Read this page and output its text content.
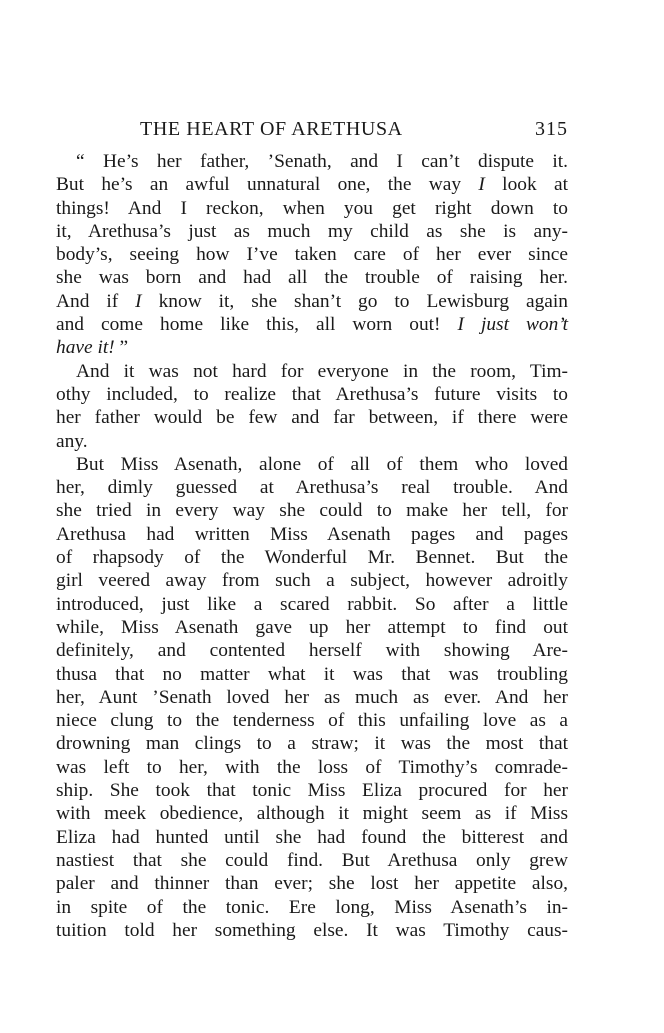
THE HEART OF ARETHUSA	315
“ He’s her father, ’Senath, and I can’t dispute it.
But he’s an awful unnatural one, the way I look at
things! And I reckon, when you get right down to
it, Arethusa’s just as much my child as she is any-
body’s, seeing how I’ve taken care of her ever since
she was born and had all the trouble of raising her.
And if I know it, she shan’t go to Lewisburg again
and come home like this, all worn out! I just won’t
have it! ”
And it was not hard for everyone in the room, Tim-
othy included, to realize that Arethusa’s future visits to
her father would be few and far between, if there were
any.
But Miss Asenath, alone of all of them who loved
her, dimly guessed at Arethusa’s real trouble. And
she tried in every way she could to make her tell, for
Arethusa had written Miss Asenath pages and pages
of rhapsody of the Wonderful Mr. Bennet. But the
girl veered away from such a subject, however adroitly
introduced, just like a scared rabbit. So after a little
while, Miss Asenath gave up her attempt to find out
definitely, and contented herself with showing Are-
thusa that no matter what it was that was troubling
her, Aunt ’Senath loved her as much as ever. And her
niece clung to the tenderness of this unfailing love as a
drowning man clings to a straw; it was the most that
was left to her, with the loss of Timothy’s comrade-
ship. She took that tonic Miss Eliza procured for her
with meek obedience, although it might seem as if Miss
Eliza had hunted until she had found the bitterest and
nastiest that she could find. But Arethusa only grew
paler and thinner than ever; she lost her appetite also,
in spite of the tonic. Ere long, Miss Asenath’s in-
tuition told her something else. It was Timothy caus-
